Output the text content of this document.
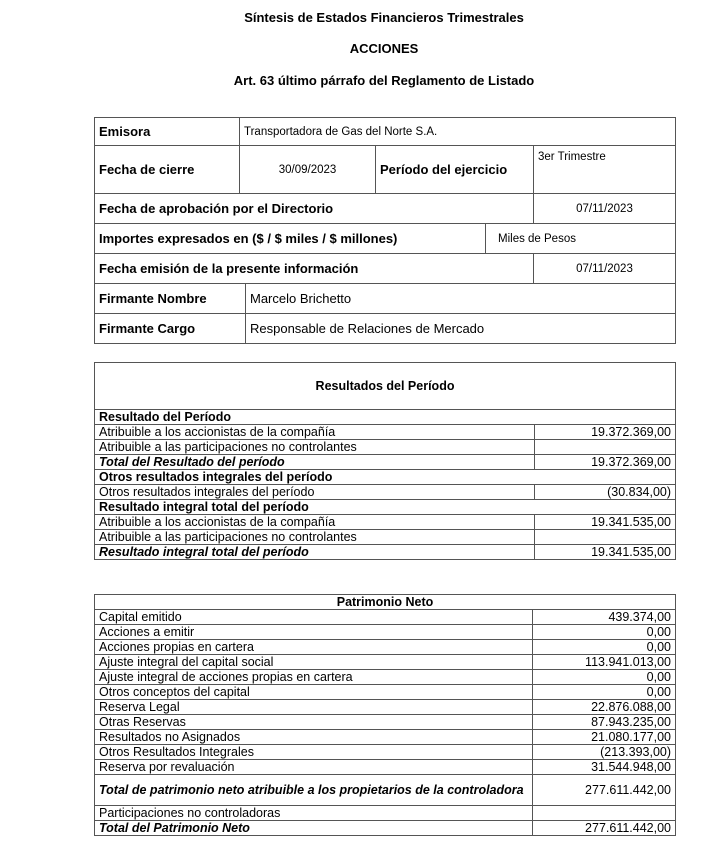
Síntesis de Estados Financieros Trimestrales
ACCIONES
Art. 63 último párrafo del Reglamento de Listado
Emisora	Transportadora de Gas del Norte S.A.				
Fecha de cierre	30/09/2023		Período del ejercicio		3er Trimestre
Fecha de aprobación por el Directorio					07/11/2023
Importes expresados en ($ / $ miles / $ millones)				Miles de Pesos	
Fecha emisión de la presente información					07/11/2023
Firmante Nombre		Marcelo Brichetto			
Firmante Cargo		Responsable de Relaciones de Mercado			
Resultados del Período	
Resultado del Período	
Atribuible a los accionistas de la compañía	19.372.369,00
Atribuible a las participaciones no controlantes	
Total del Resultado del período	19.372.369,00
Otros resultados integrales del período	
Otros resultados integrales del período	(30.834,00)
Resultado integral total del período	
Atribuible a los accionistas de la compañía	19.341.535,00
Atribuible a las participaciones no controlantes	
Resultado integral total del período	19.341.535,00
Patrimonio Neto	
Capital emitido	439.374,00
Acciones a emitir	0,00
Acciones propias en cartera	0,00
Ajuste integral del capital social	113.941.013,00
Ajuste integral de acciones propias en cartera	0,00
Otros conceptos del capital	0,00
Reserva Legal	22.876.088,00
Otras Reservas	87.943.235,00
Resultados no Asignados	21.080.177,00
Otros Resultados Integrales	(213.393,00)
Reserva por revaluación	31.544.948,00
Total de patrimonio neto atribuible a los propietarios de la controladora	277.611.442,00
Participaciones no controladoras	
Total del Patrimonio Neto	277.611.442,00
